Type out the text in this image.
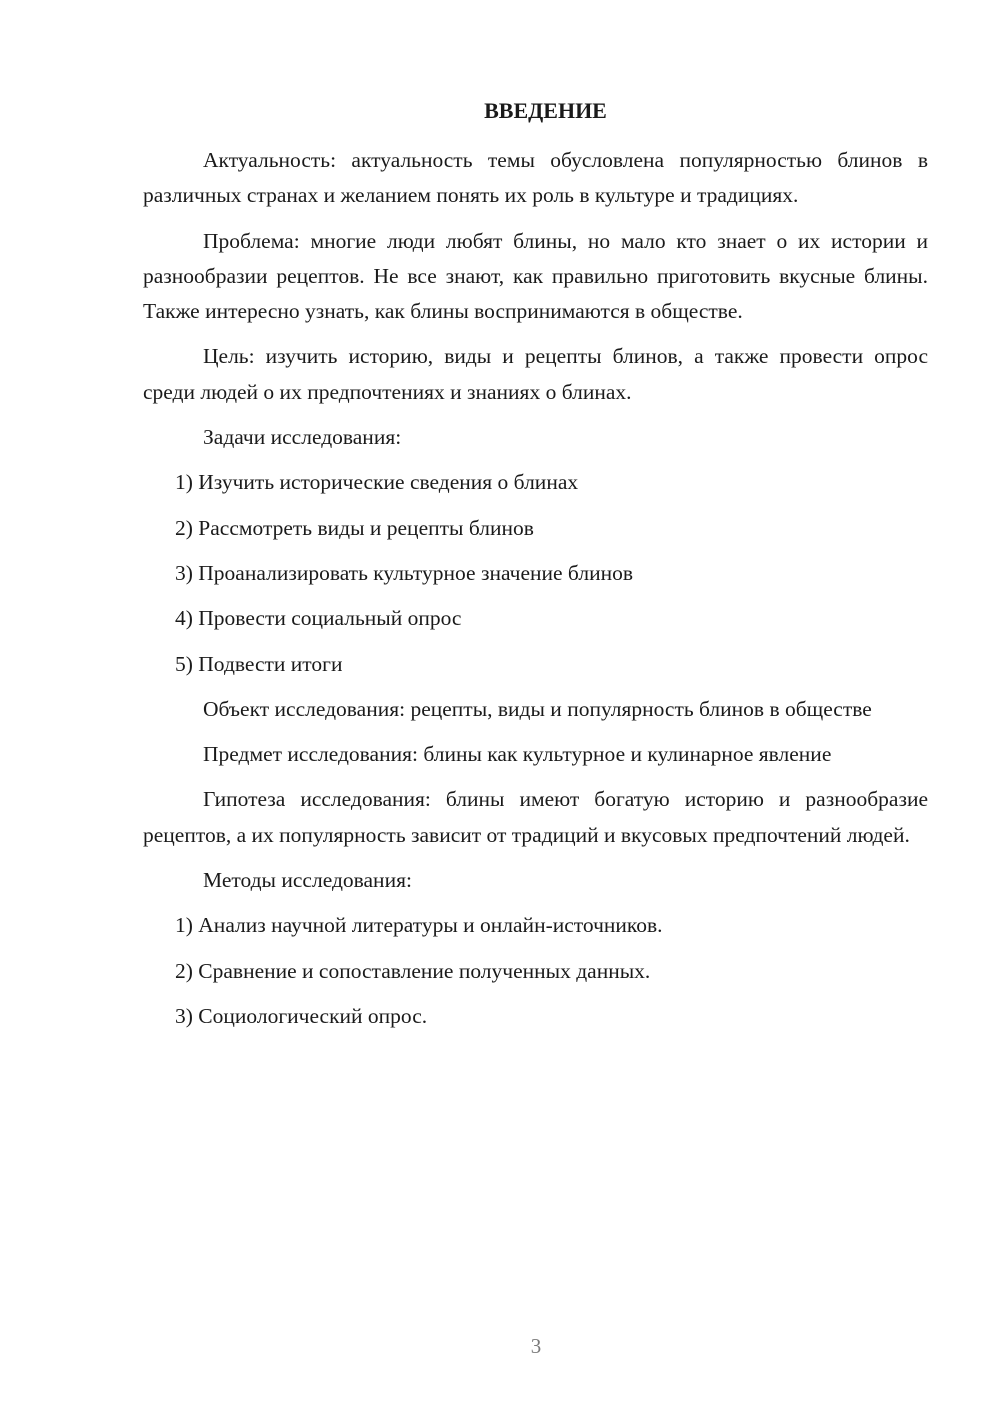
ВВЕДЕНИЕ

Актуальность: актуальность темы обусловлена популярностью блинов в различных странах и желанием понять их роль в культуре и традициях.

Проблема: многие люди любят блины, но мало кто знает о их истории и разнообразии рецептов. Не все знают, как правильно приготовить вкусные блины. Также интересно узнать, как блины воспринимаются в обществе.

Цель: изучить историю, виды и рецепты блинов, а также провести опрос среди людей о их предпочтениях и знаниях о блинах.

Задачи исследования:

1) Изучить исторические сведения о блинах

2) Рассмотреть виды и рецепты блинов

3) Проанализировать культурное значение блинов

4) Провести социальный опрос

5) Подвести итоги

Объект исследования: рецепты, виды и популярность блинов в обществе

Предмет исследования: блины как культурное и кулинарное явление

Гипотеза исследования: блины имеют богатую историю и разнообразие рецептов, а их популярность зависит от традиций и вкусовых предпочтений людей.

Методы исследования:

1) Анализ научной литературы и онлайн-источников.

2) Сравнение и сопоставление полученных данных.

3) Социологический опрос.

3
